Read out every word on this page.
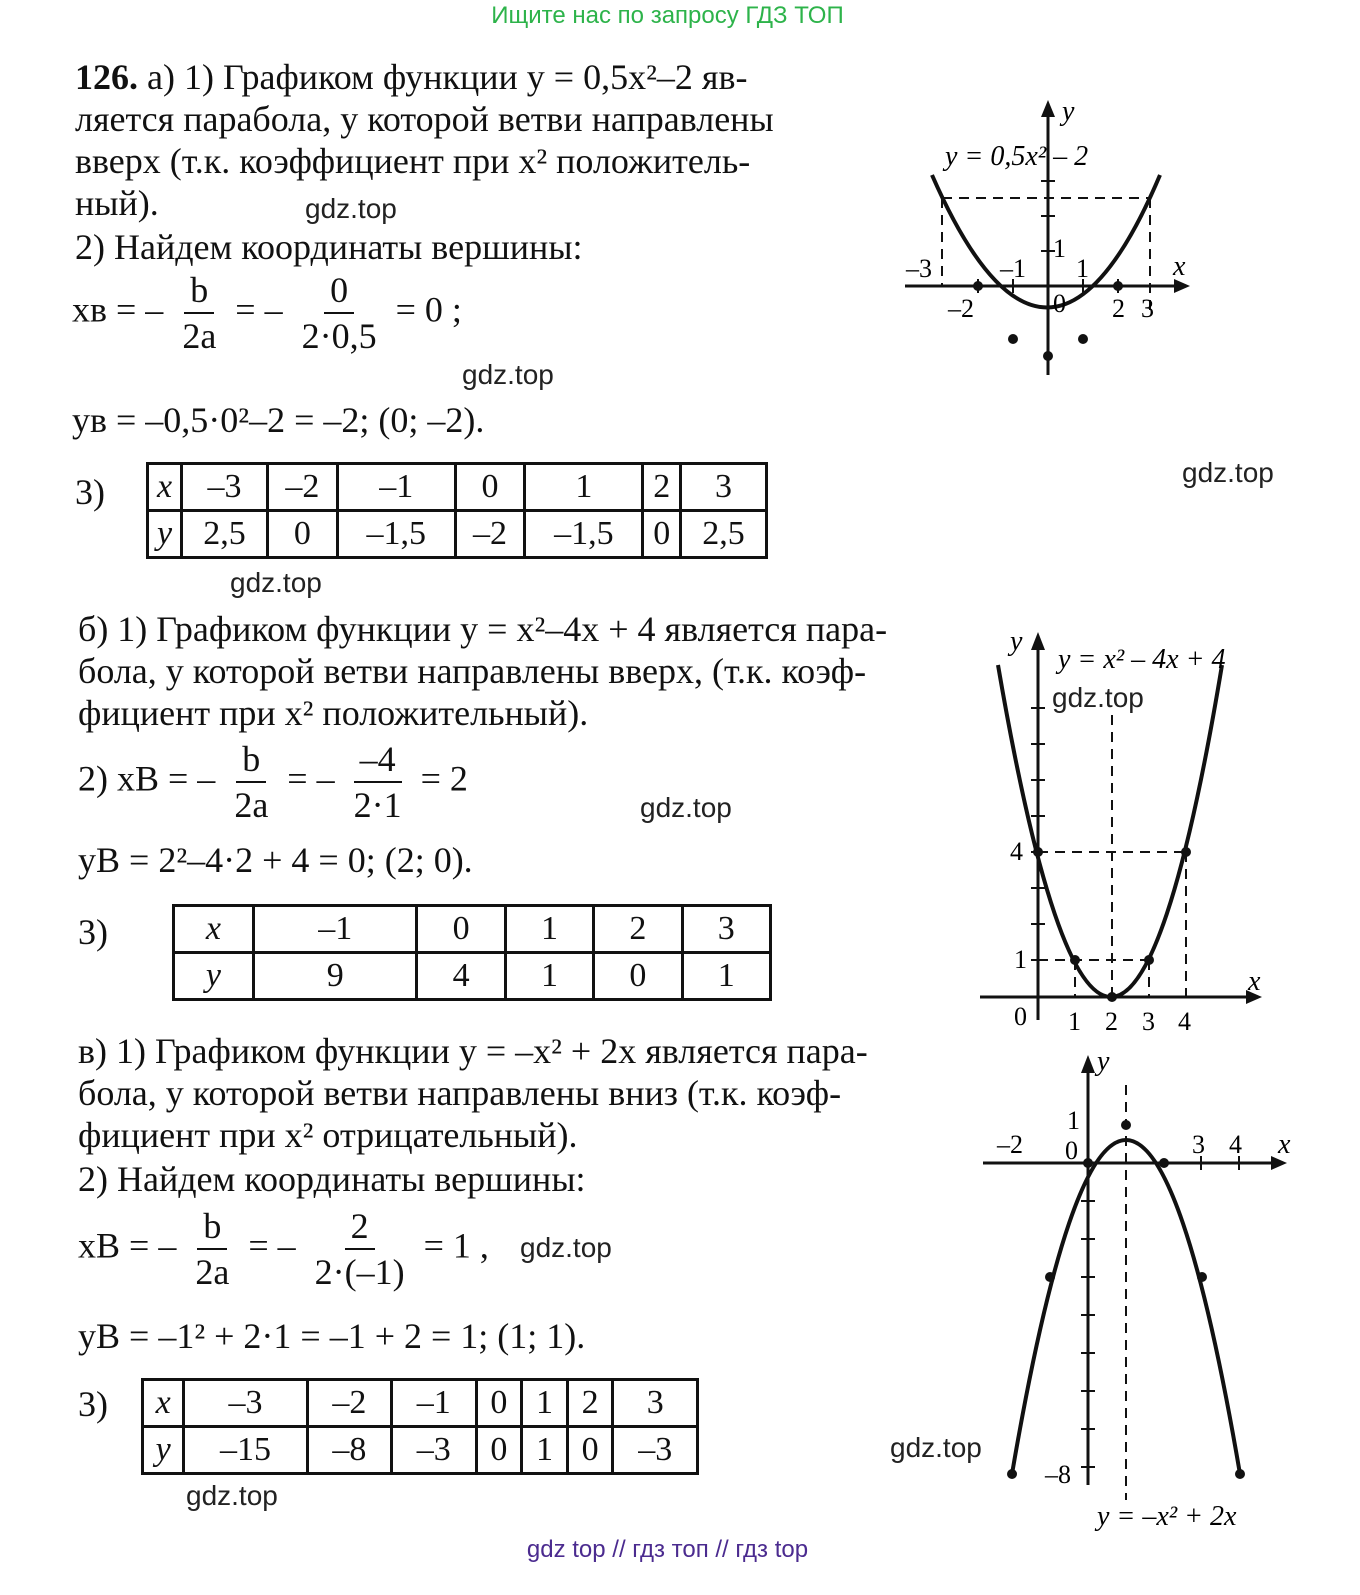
Ищите нас по запросу ГДЗ ТОП
126. а) 1) Графиком функции y = 0,5x²–2 яв-
ляется парабола, у которой ветви направлены
вверх (т.к. коэффициент при x² положитель-
ный).	gdz.top
2) Найдем координаты вершины:
xв = – $\frac{b}{2a}$ = – $\frac{0}{2\cdot 0,5} = 0$ ;
gdz.top
yв = –0,5·0²–2 = –2; (0; –2).
3) x	–3	–2	–1	0	1	2	3
y	2,5	0	–1,5	–2	–1,5	0	2,5
gdz.top
gdz.top
y = 0,5x² – 2
y
x
–3	–1 1
–2	0 2 3
1
б) 1) Графиком функции y = x²–4x + 4 является пара-
бола, у которой ветви направлены вверх, (т.к. коэф-
фициент при x² положительный).
2) xB = – $\frac{b}{2a}$ = – $\frac{-4}{2\cdot 1} = 2$
gdz.top
yB = 2²–4·2 + 4 = 0; (2; 0).
3)	x	–1	0	1	2	3
y	9	4	1	0	1
y = x² – 4x + 4
y
x
4
1
0 1 2 3 4
gdz.top
в) 1) Графиком функции y = –x² + 2x является пара-
бола, у которой ветви направлены вниз (т.к. коэф-
фициент при x² отрицательный).
2) Найдем координаты вершины:
xB = – $\frac{b}{2a}$ = – $\frac{2}{2\cdot(-1)} = 1$ , gdz.top
yB = –1² + 2·1 = –1 + 2 = 1; (1; 1).
3) x	–3	–2	–1	0	1	2	3
y	–15	–8	–3	0	1	0	–3
gdz.top
gdz.top
y = –x² + 2x
y
x
–2
1
0	3 4
–8
gdz top // гдз топ // гдз top
